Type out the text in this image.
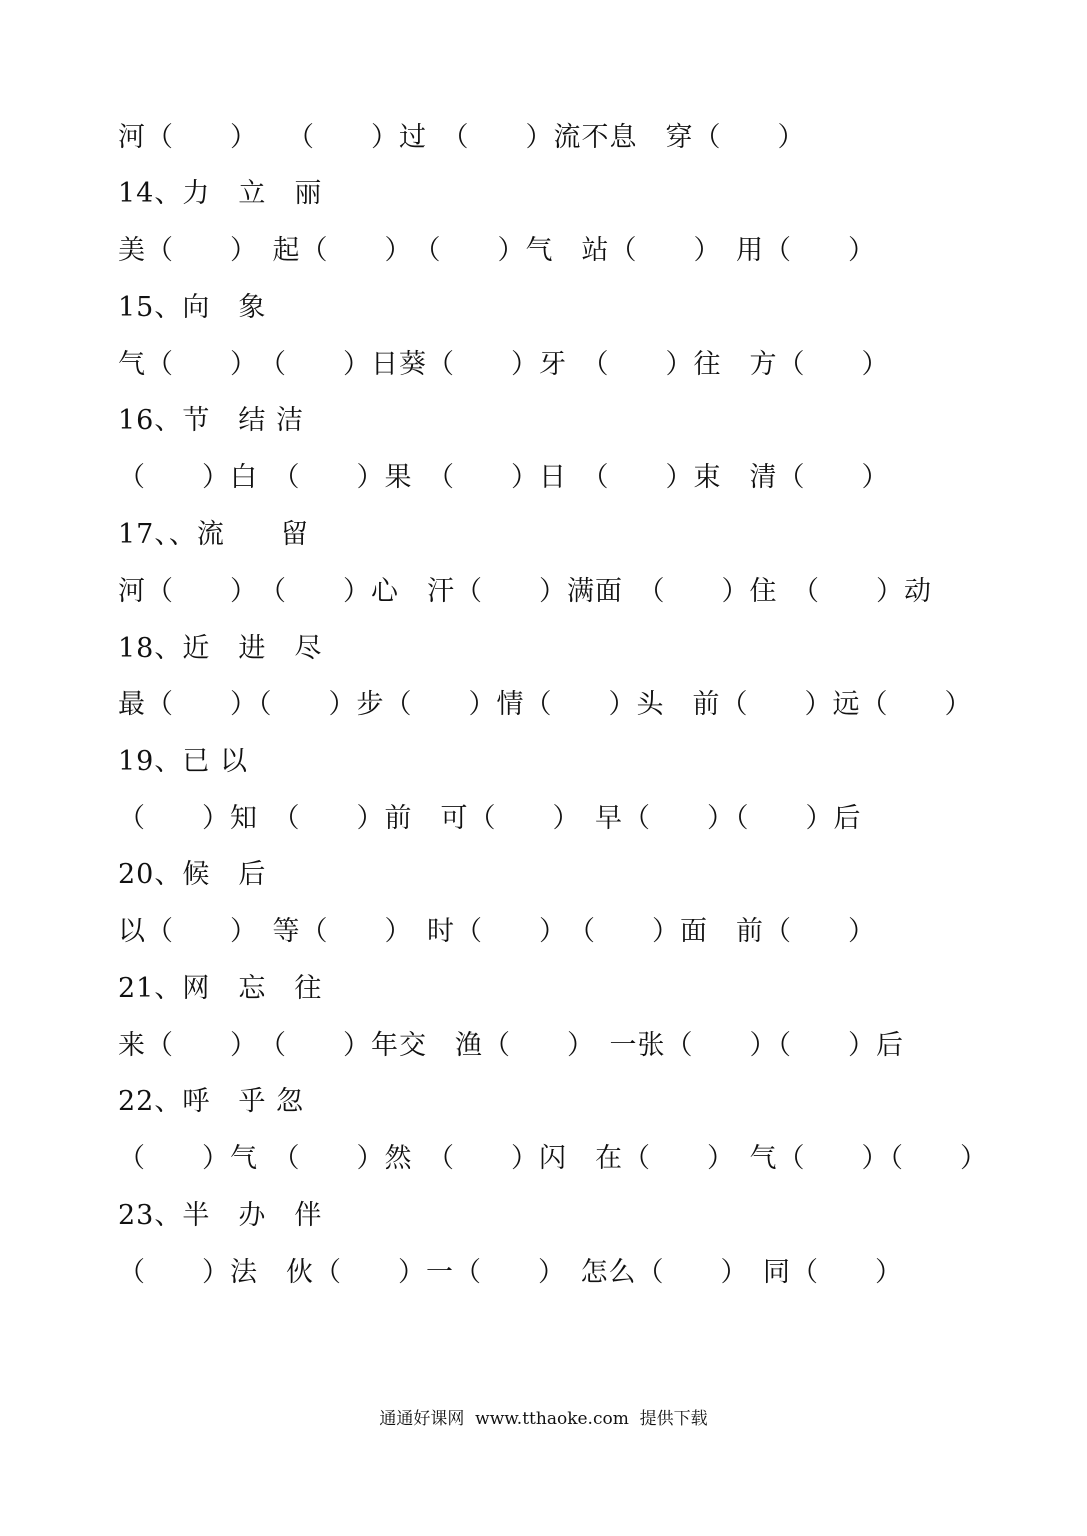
河（　　）　　（　　）过　（　　）流不息　穿（　　）
14、力　立　丽
美（　　）　起（　　）　（　　）气　站（　　）　用（　　）
15、向　象
气（　　）　（　　）日葵（　　）牙　（　　）往　方（　　）
16、节　结 洁
（　　）白　（　　）果　（　　）日　（　　）束　清（　　）
17、、流　　留
河（　　）　（　　）心　汗（　　）满面　（　　）住　（　　）动
18、近　进　尽
最（　　）（　　）步（　　）情（　　）头　前（　　）远（　　）
19、已 以
（　　）知　（　　）前　可（　　）　早（　　）（　　）后
20、候　后
以（　　）　等（　　）　时（　　）　（　　）面　前（　　）
21、网　忘　往
来（　　）　（　　）年交　渔（　　）　一张（　　）（　　）后
22、呼　乎 忽
（　　）气　（　　）然　（　　）闪　在（　　）　气（　　）（　　）
23、半　办　伴
（　　）法　伙（　　）一（　　）　怎么（　　）　同（　　）
通通好课网  www.tthaoke.com  提供下载
